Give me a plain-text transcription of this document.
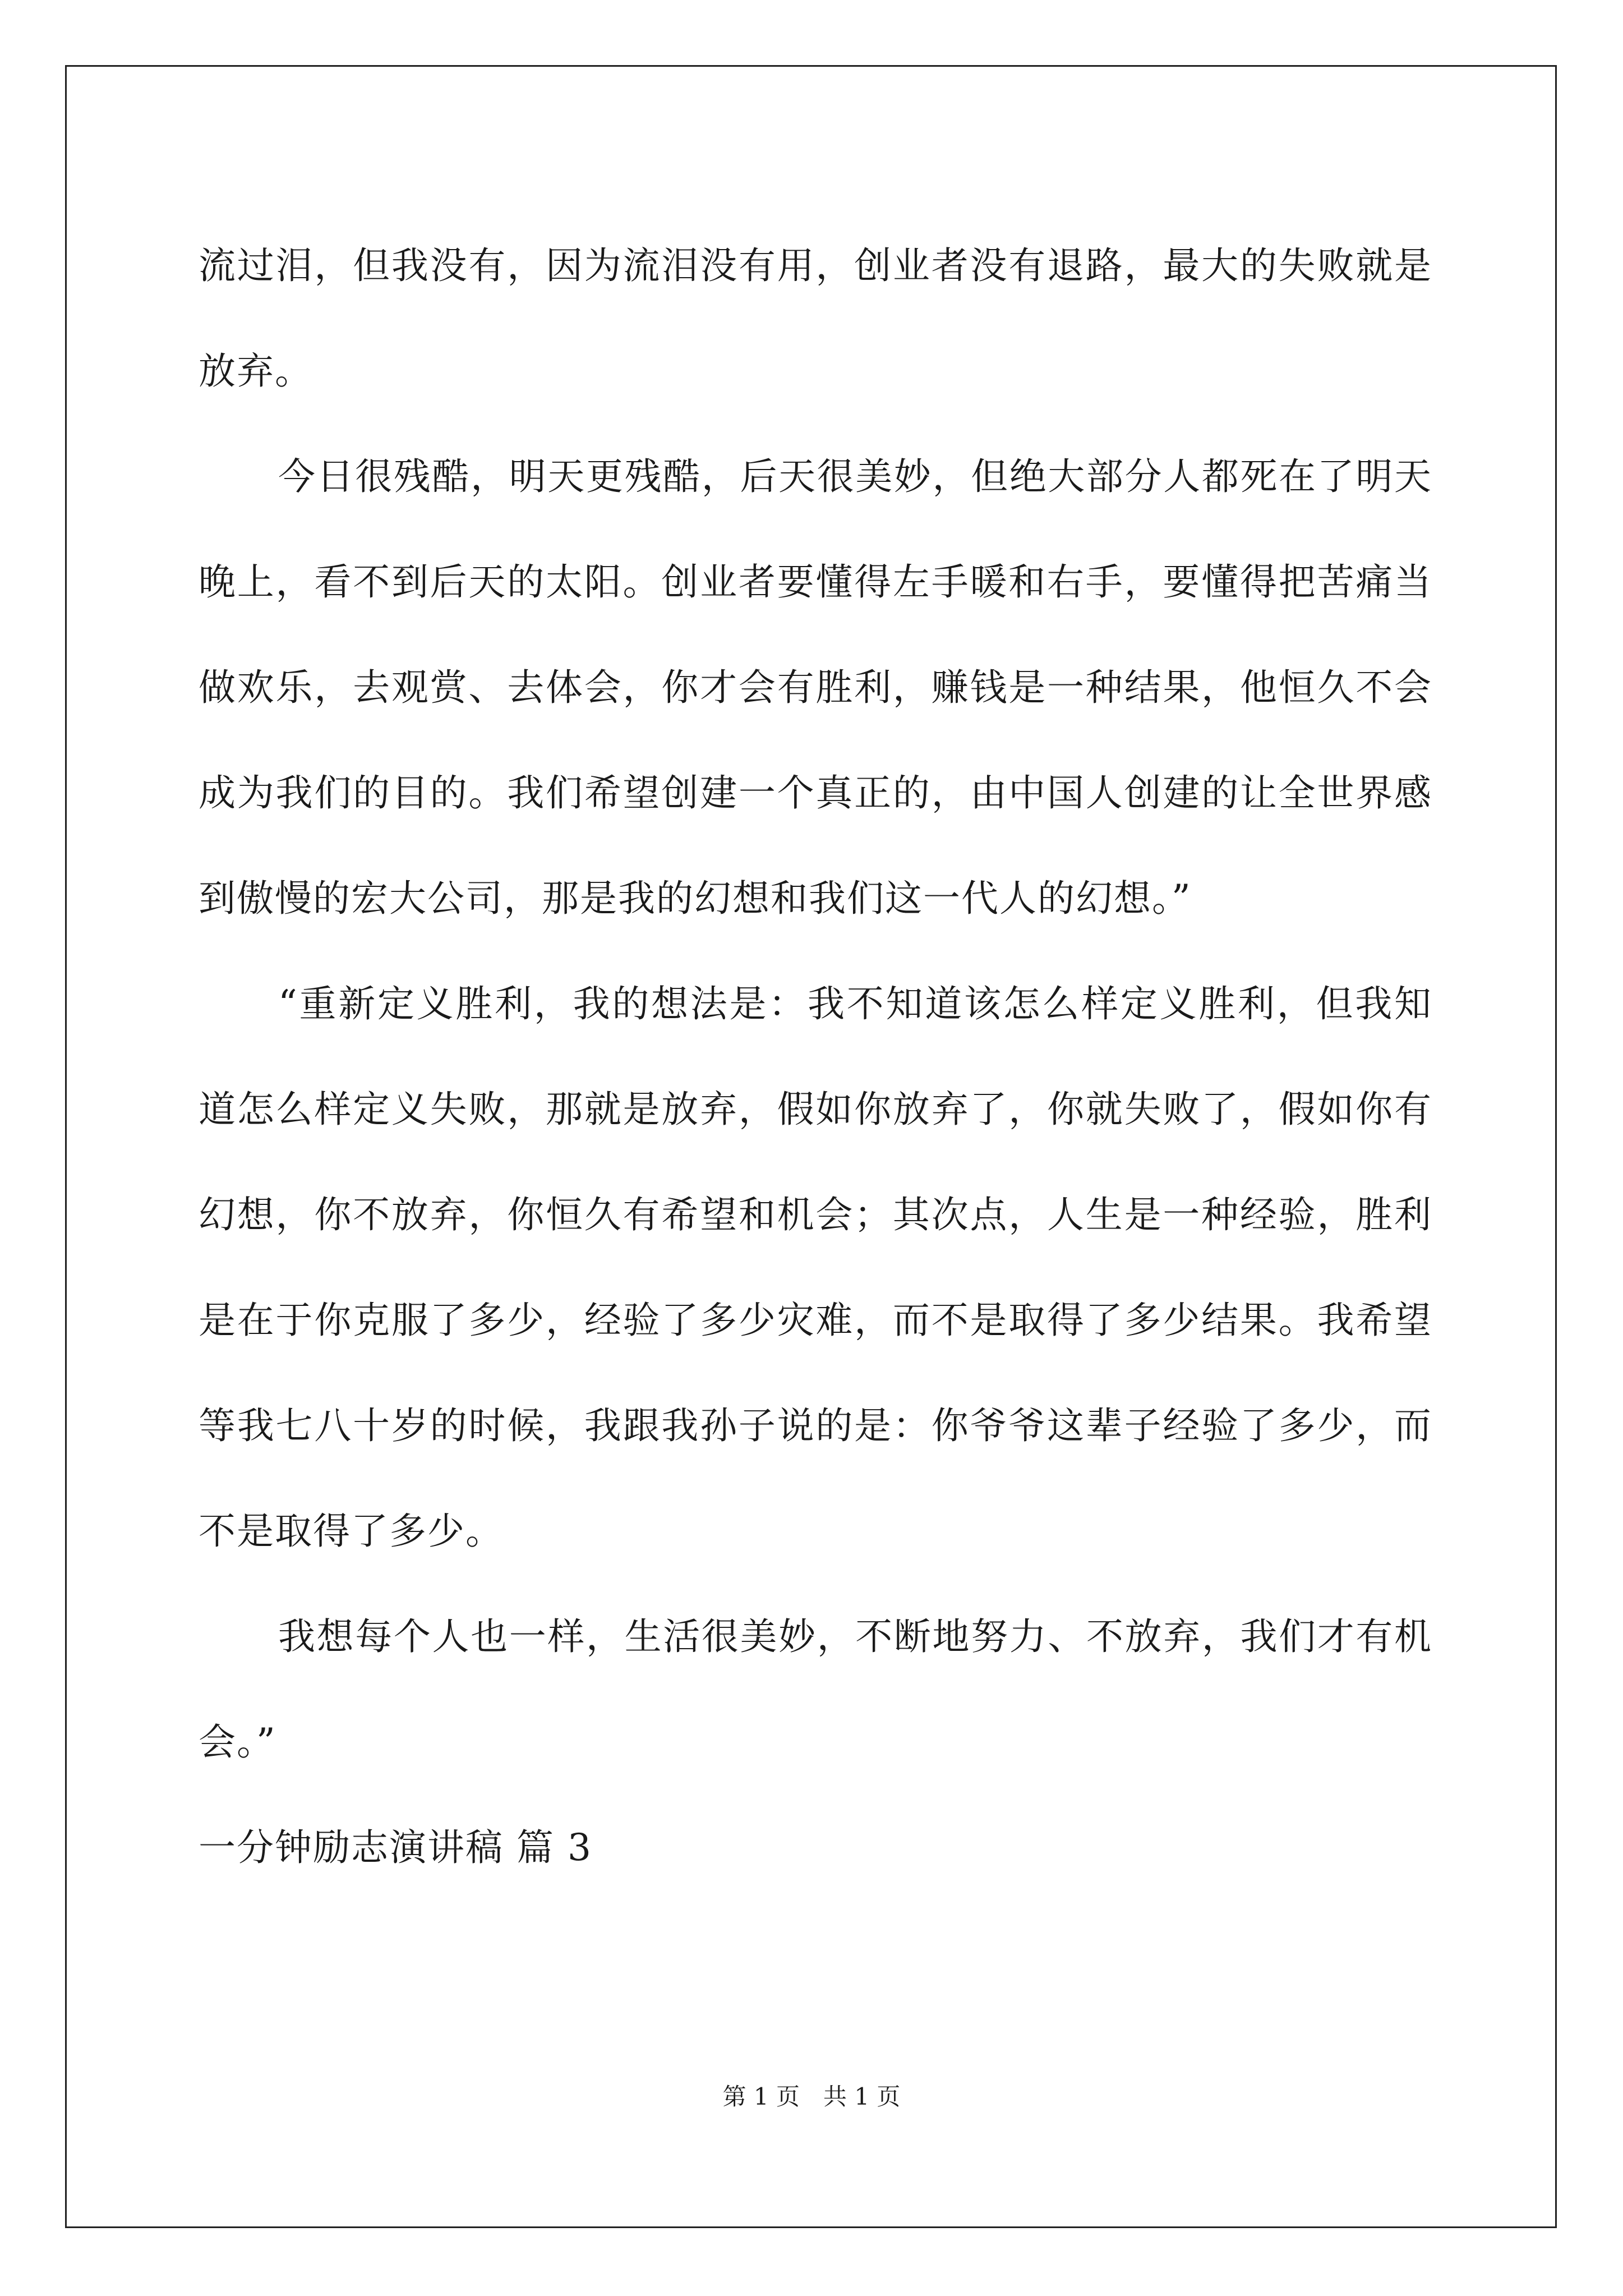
流过泪，但我没有，因为流泪没有用，创业者没有退路，最大的失败就是放弃。

今日很残酷，明天更残酷，后天很美妙，但绝大部分人都死在了明天晚上，看不到后天的太阳。创业者要懂得左手暖和右手，要懂得把苦痛当做欢乐，去观赏、去体会，你才会有胜利，赚钱是一种结果，他恒久不会成为我们的目的。我们希望创建一个真正的，由中国人创建的让全世界感到傲慢的宏大公司，那是我的幻想和我们这一代人的幻想。”

“重新定义胜利，我的想法是：我不知道该怎么样定义胜利，但我知道怎么样定义失败，那就是放弃，假如你放弃了，你就失败了，假如你有幻想，你不放弃，你恒久有希望和机会；其次点，人生是一种经验，胜利是在于你克服了多少，经验了多少灾难，而不是取得了多少结果。我希望等我七八十岁的时候，我跟我孙子说的是：你爷爷这辈子经验了多少，而不是取得了多少。

我想每个人也一样，生活很美妙，不断地努力、不放弃，我们才有机会。”

一分钟励志演讲稿 篇 3

第 1 页　共 1 页
